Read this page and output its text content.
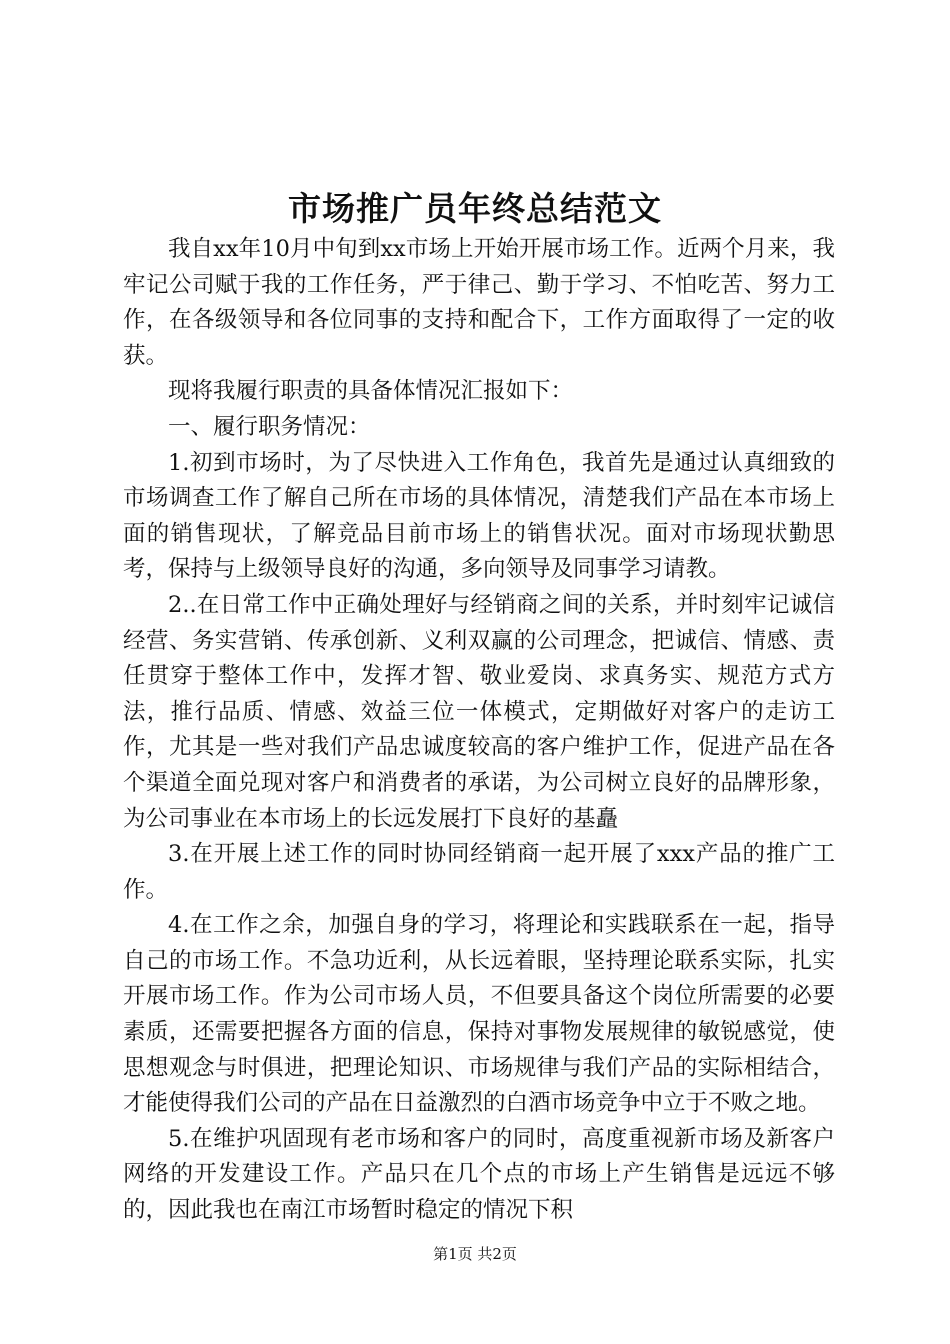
市场推广员年终总结范文

我自xx年10月中旬到xx市场上开始开展市场工作。近两个月来，我牢记公司赋于我的工作任务，严于律己、勤于学习、不怕吃苦、努力工作，在各级领导和各位同事的支持和配合下，工作方面取得了一定的收获。

现将我履行职责的具备体情况汇报如下：

一、履行职务情况：

1.初到市场时，为了尽快进入工作角色，我首先是通过认真细致的市场调查工作了解自己所在市场的具体情况，清楚我们产品在本市场上面的销售现状，了解竞品目前市场上的销售状况。面对市场现状勤思考，保持与上级领导良好的沟通，多向领导及同事学习请教。

2..在日常工作中正确处理好与经销商之间的关系，并时刻牢记诚信经营、务实营销、传承创新、义利双赢的公司理念，把诚信、情感、责任贯穿于整体工作中，发挥才智、敬业爱岗、求真务实、规范方式方法，推行品质、情感、效益三位一体模式，定期做好对客户的走访工作，尤其是一些对我们产品忠诚度较高的客户维护工作，促进产品在各个渠道全面兑现对客户和消费者的承诺，为公司树立良好的品牌形象，为公司事业在本市场上的长远发展打下良好的基矗

3.在开展上述工作的同时协同经销商一起开展了xxx产品的推广工作。

4.在工作之余，加强自身的学习，将理论和实践联系在一起，指导自己的市场工作。不急功近利，从长远着眼，坚持理论联系实际，扎实开展市场工作。作为公司市场人员，不但要具备这个岗位所需要的必要素质，还需要把握各方面的信息，保持对事物发展规律的敏锐感觉，使思想观念与时俱进，把理论知识、市场规律与我们产品的实际相结合，才能使得我们公司的产品在日益激烈的白酒市场竞争中立于不败之地。

5.在维护巩固现有老市场和客户的同时，高度重视新市场及新客户网络的开发建设工作。产品只在几个点的市场上产生销售是远远不够的，因此我也在南江市场暂时稳定的情况下积

第1页 共2页
